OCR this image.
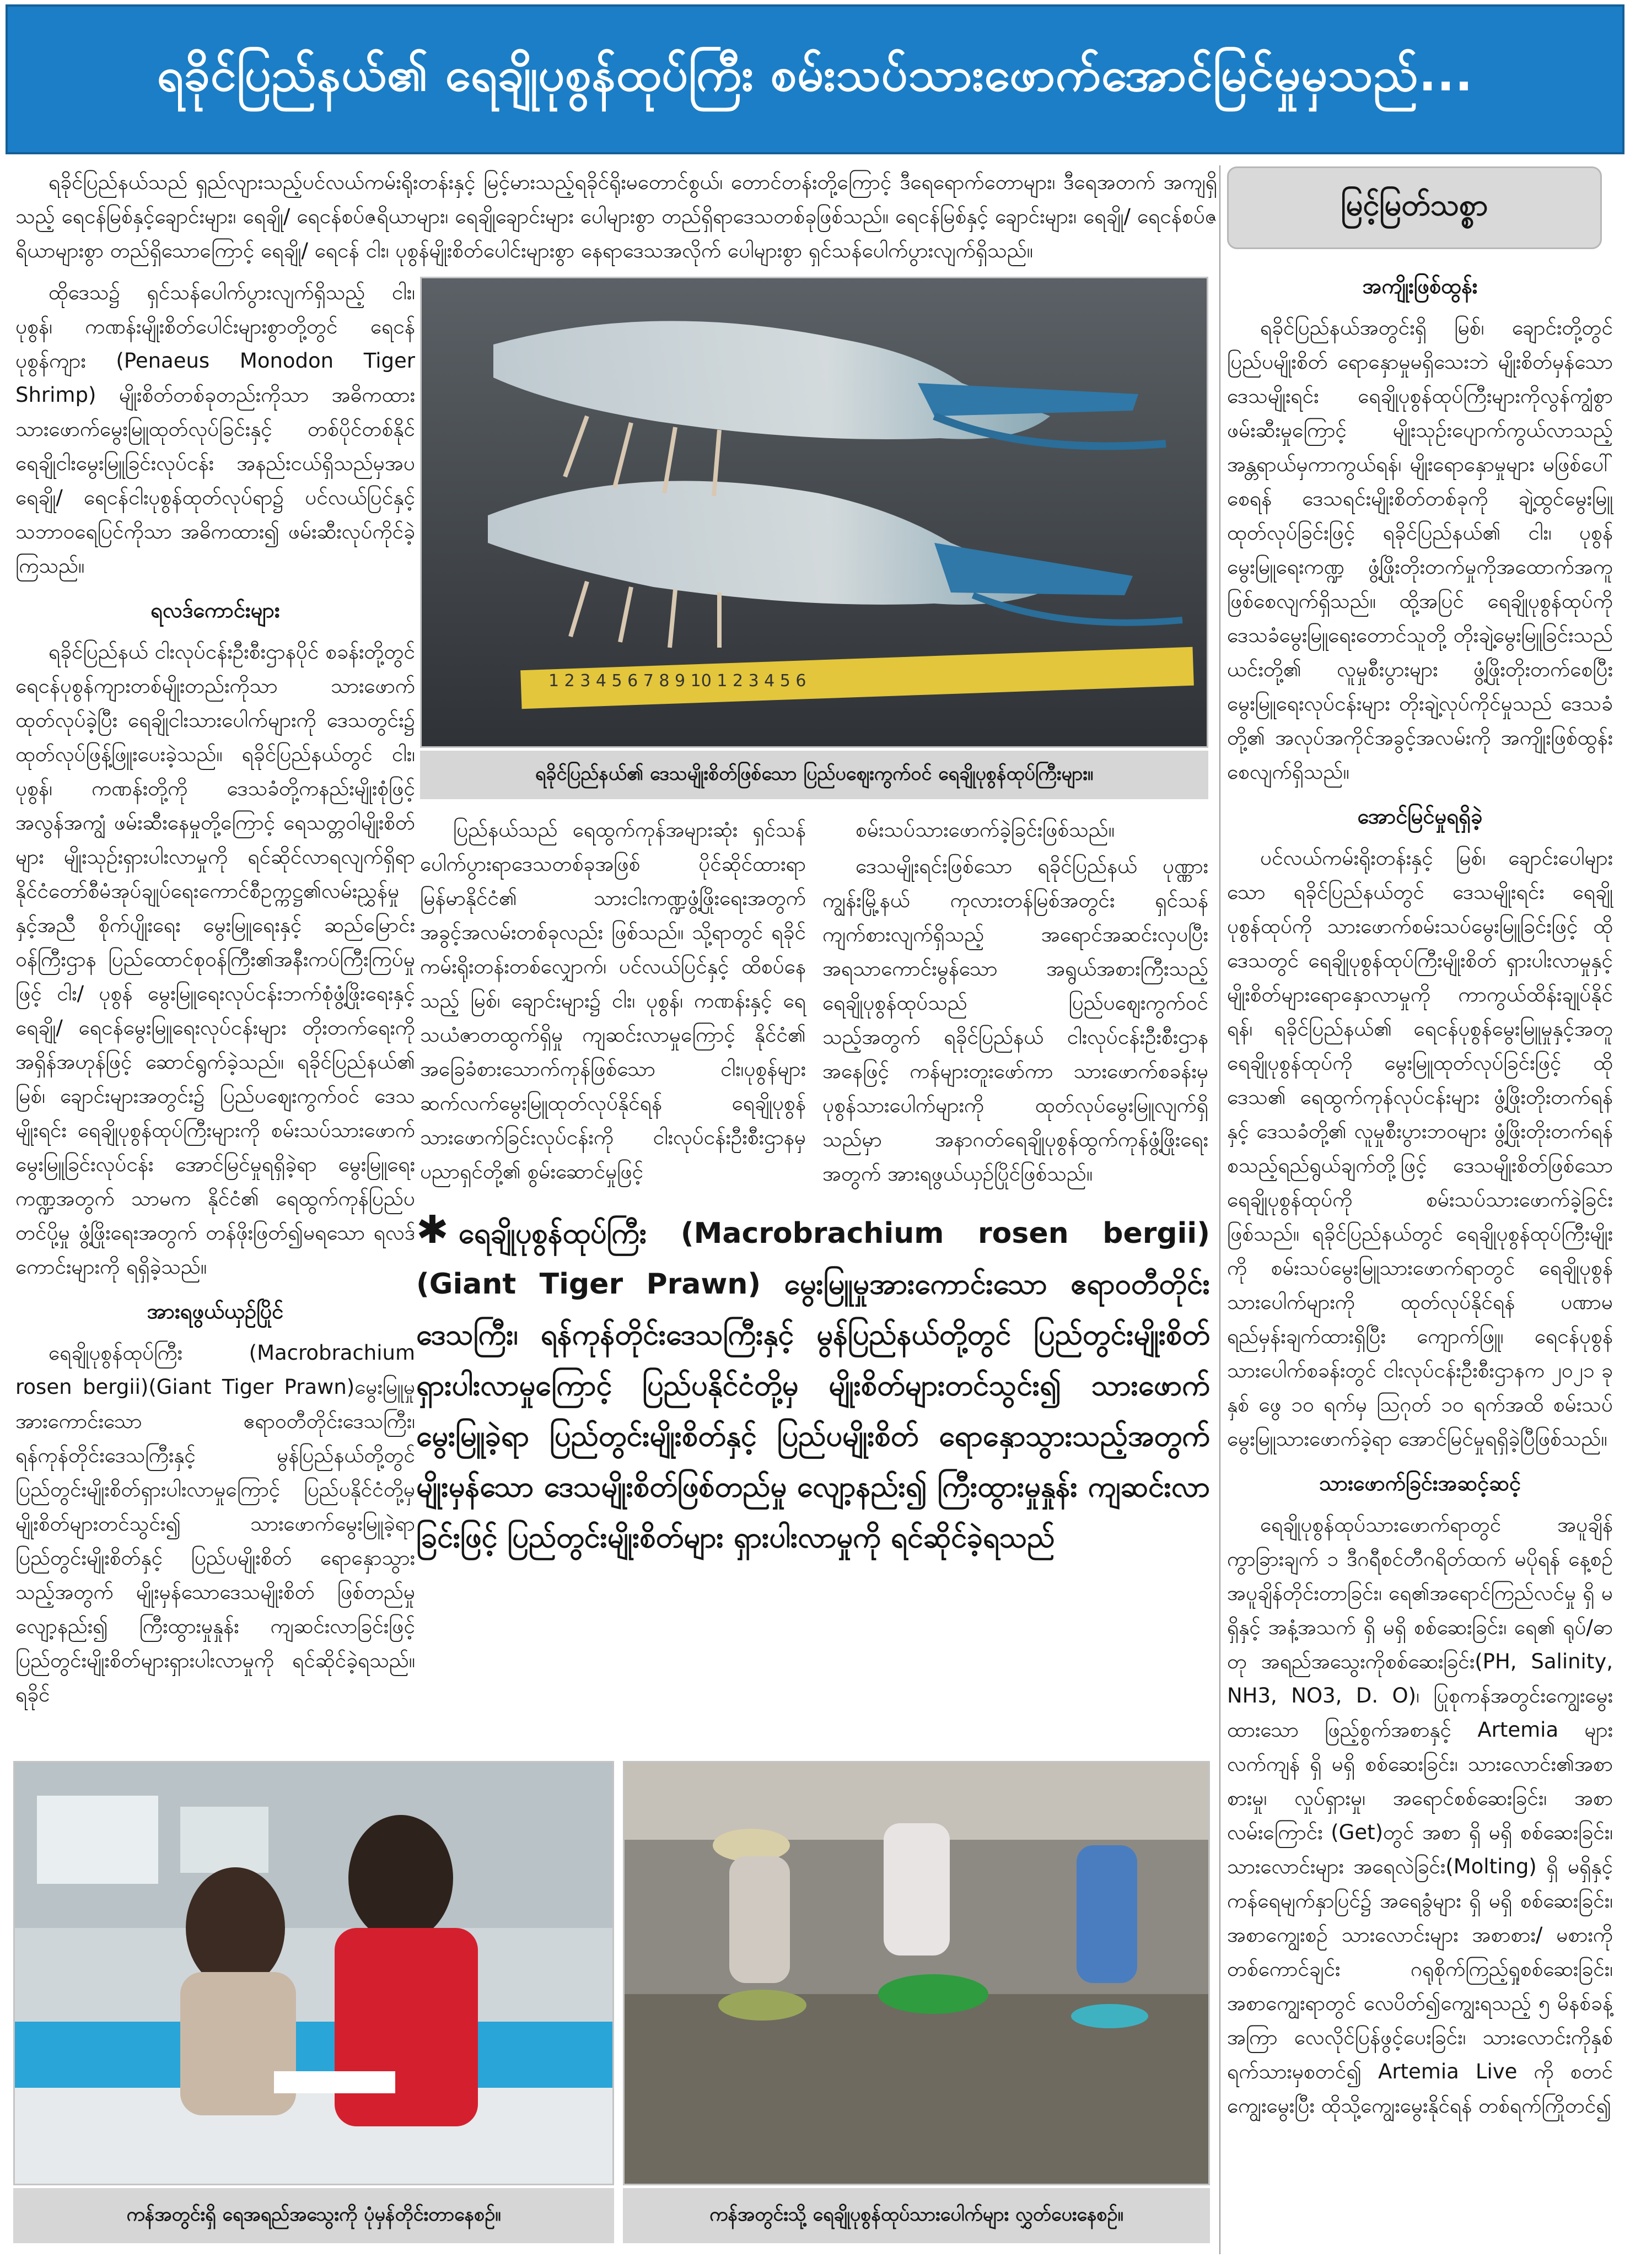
ရခိုင်ပြည်နယ်၏ ရေချိုပုစွန်ထုပ်ကြီး စမ်းသပ်သားဖောက်အောင်မြင်မှုမှသည်...

ရခိုင်ပြည်နယ်သည် ရှည်လျားသည့်ပင်လယ်ကမ်းရိုးတန်းနှင့် မြင့်မားသည့်ရခိုင်ရိုးမတောင်စွယ်၊ တောင်တန်းတို့ကြောင့် ဒီရေရောက်တောများ၊ ဒီရေအတက် အကျရှိသည့် ရေငန်မြစ်နှင့်ချောင်းများ၊ ရေချို/ ရေငန်စပ်ဇရိယာများ၊ ရေချိုချောင်းများ ပေါများစွာ တည်ရှိရာဒေသတစ်ခုဖြစ်သည်။ ရေငန်မြစ်နှင့် ချောင်းများ၊ ရေချို/ ရေငန်စပ်ဇရိယာများစွာ တည်ရှိသောကြောင့် ရေချို/ ရေငန် ငါး၊ ပုစွန်မျိုးစိတ်ပေါင်းများစွာ နေရာဒေသအလိုက် ပေါများစွာ ရှင်သန်ပေါက်ပွားလျက်ရှိသည်။

မြင့်မြတ်သစ္စာ

ထိုဒေသ၌ ရှင်သန်ပေါက်ပွားလျက်ရှိသည့် ငါး၊ ပုစွန်၊ ကဏန်းမျိုးစိတ်ပေါင်းများစွာတို့တွင် ရေငန်ပုစွန်ကျား (Penaeus Monodon Tiger Shrimp) မျိုးစိတ်တစ်ခုတည်းကိုသာ အဓိကထား သားဖောက်မွေးမြူထုတ်လုပ်ခြင်းနှင့် တစ်ပိုင်တစ်နိုင် ရေချိုငါးမွေးမြူခြင်းလုပ်ငန်း အနည်းငယ်ရှိသည်မှအပ ရေချို/ ရေငန်ငါးပုစွန်ထုတ်လုပ်ရာ၌ ပင်လယ်ပြင်နှင့်သဘာဝရေပြင်ကိုသာ အဓိကထား၍ ဖမ်းဆီးလုပ်ကိုင်ခဲ့ကြသည်။

ရလဒ်ကောင်းများ

ရခိုင်ပြည်နယ် ငါးလုပ်ငန်းဦးစီးဌာနပိုင် စခန်းတို့တွင် ရေငန်ပုစွန်ကျားတစ်မျိုးတည်းကိုသာ သားဖောက်ထုတ်လုပ်ခဲ့ပြီး ရေချိုငါးသားပေါက်များကို ဒေသတွင်း၌ ထုတ်လုပ်ဖြန့်ဖြူးပေးခဲ့သည်။ ရခိုင်ပြည်နယ်တွင် ငါး၊ ပုစွန်၊ ကဏန်းတို့ကို ဒေသခံတို့ကနည်းမျိုးစုံဖြင့် အလွန်အကျွံ ဖမ်းဆီးနေမှုတို့ကြောင့် ရေသတ္တဝါမျိုးစိတ်များ မျိုးသုဉ်းရှားပါးလာမှုကို ရင်ဆိုင်လာရလျက်ရှိရာ နိုင်ငံတော်စီမံအုပ်ချုပ်ရေးကောင်စီဥက္ကဋ္ဌ၏လမ်းညွှန်မှုနှင့်အညီ စိုက်ပျိုးရေး မွေးမြူရေးနှင့် ဆည်မြောင်းဝန်ကြီးဌာန ပြည်ထောင်စုဝန်ကြီး၏အနီးကပ်ကြီးကြပ်မှုဖြင့် ငါး/ ပုစွန် မွေးမြူရေးလုပ်ငန်းဘက်စုံဖွံ့ဖြိုးရေးနှင့် ရေချို/ ရေငန်မွေးမြူရေးလုပ်ငန်းများ တိုးတက်ရေးကို အရှိန်အဟုန်ဖြင့် ဆောင်ရွက်ခဲ့သည်။ ရခိုင်ပြည်နယ်၏ မြစ်၊ ချောင်းများအတွင်း၌ ပြည်ပဈေးကွက်ဝင် ဒေသမျိုးရင်း ရေချိုပုစွန်ထုပ်ကြီးများကို စမ်းသပ်သားဖောက်မွေးမြူခြင်းလုပ်ငန်း အောင်မြင်မှုရရှိခဲ့ရာ မွေးမြူရေးကဏ္ဍအတွက် သာမက နိုင်ငံ၏ ရေထွက်ကုန်ပြည်ပတင်ပို့မှု ဖွံ့ဖြိုးရေးအတွက် တန်ဖိုးဖြတ်၍မရသော ရလဒ်ကောင်းများကို ရရှိခဲ့သည်။

အားရဖွယ်ယှဉ်ပြိုင်

ရေချိုပုစွန်ထုပ်ကြီး (Macrobrachium rosen bergii)(Giant Tiger Prawn)မွေးမြူမှုအားကောင်းသော ဧရာဝတီတိုင်းဒေသကြီး၊ ရန်ကုန်တိုင်းဒေသကြီးနှင့် မွန်ပြည်နယ်တို့တွင် ပြည်တွင်းမျိုးစိတ်ရှားပါးလာမှုကြောင့် ပြည်ပနိုင်ငံတို့မှ မျိုးစိတ်များတင်သွင်း၍ သားဖောက်မွေးမြူခဲ့ရာ ပြည်တွင်းမျိုးစိတ်နှင့် ပြည်ပမျိုးစိတ် ရောနှောသွားသည့်အတွက် မျိုးမှန်သောဒေသမျိုးစိတ် ဖြစ်တည်မှုလျော့နည်း၍ ကြီးထွားမှုနှုန်း ကျဆင်းလာခြင်းဖြင့် ပြည်တွင်းမျိုးစိတ်များရှားပါးလာမှုကို ရင်ဆိုင်ခဲ့ရသည်။ ရခိုင်

1 2 3 4 5 6 7 8 9 10 1 2 3 4 5 6
ရခိုင်ပြည်နယ်၏ ဒေသမျိုးစိတ်ဖြစ်သော ပြည်ပဈေးကွက်ဝင် ရေချိုပုစွန်ထုပ်ကြီးများ။

ပြည်နယ်သည် ရေထွက်ကုန်အများဆုံး ရှင်သန်ပေါက်ပွားရာဒေသတစ်ခုအဖြစ် ပိုင်ဆိုင်ထားရာ မြန်မာနိုင်ငံ၏ သားငါးကဏ္ဍဖွံ့ဖြိုးရေးအတွက် အခွင့်အလမ်းတစ်ခုလည်း ဖြစ်သည်။ သို့ရာတွင် ရခိုင်ကမ်းရိုးတန်းတစ်လျှောက်၊ ပင်လယ်ပြင်နှင့် ထိစပ်နေသည့် မြစ်၊ ချောင်းများ၌ ငါး၊ ပုစွန်၊ ကဏန်းနှင့် ရေသယံဇာတထွက်ရှိမှု ကျဆင်းလာမှုကြောင့် နိုင်ငံ၏ အခြေခံစားသောက်ကုန်ဖြစ်သော ငါး၊ပုစွန်များ ဆက်လက်မွေးမြူထုတ်လုပ်နိုင်ရန် ရေချိုပုစွန်သားဖောက်ခြင်းလုပ်ငန်းကို ငါးလုပ်ငန်းဦးစီးဌာနမှ ပညာရှင်တို့၏ စွမ်းဆောင်မှုဖြင့်

စမ်းသပ်သားဖောက်ခဲ့ခြင်းဖြစ်သည်။

ဒေသမျိုးရင်းဖြစ်သော ရခိုင်ပြည်နယ် ပုဏ္ဏားကျွန်းမြို့နယ် ကုလားတန်မြစ်အတွင်း ရှင်သန်ကျက်စားလျက်ရှိသည့် အရောင်အဆင်းလှပပြီး အရသာကောင်းမွန်သော အရွယ်အစားကြီးသည့် ရေချိုပုစွန်ထုပ်သည် ပြည်ပဈေးကွက်ဝင်သည့်အတွက် ရခိုင်ပြည်နယ် ငါးလုပ်ငန်းဦးစီးဌာနအနေဖြင့် ကန်များတူးဖော်ကာ သားဖောက်စခန်းမှ ပုစွန်သားပေါက်များကို ထုတ်လုပ်မွေးမြူလျက်ရှိသည်မှာ အနာဂတ်ရေချိုပုစွန်ထွက်ကုန်ဖွံ့ဖြိုးရေးအတွက် အားရဖွယ်ယှဉ်ပြိုင်ဖြစ်သည်။

✱ ရေချိုပုစွန်ထုပ်ကြီး (Macrobrachium rosen bergii) (Giant Tiger Prawn) မွေးမြူမှုအားကောင်းသော ဧရာဝတီတိုင်းဒေသကြီး၊ ရန်ကုန်တိုင်းဒေသကြီးနှင့် မွန်ပြည်နယ်တို့တွင် ပြည်တွင်းမျိုးစိတ် ရှားပါးလာမှုကြောင့် ပြည်ပနိုင်ငံတို့မှ မျိုးစိတ်များတင်သွင်း၍ သားဖောက်မွေးမြူခဲ့ရာ ပြည်တွင်းမျိုးစိတ်နှင့် ပြည်ပမျိုးစိတ် ရောနှောသွားသည့်အတွက် မျိုးမှန်သော ဒေသမျိုးစိတ်ဖြစ်တည်မှု လျော့နည်း၍ ကြီးထွားမှုနှုန်း ကျဆင်းလာခြင်းဖြင့် ပြည်တွင်းမျိုးစိတ်များ ရှားပါးလာမှုကို ရင်ဆိုင်ခဲ့ရသည်
အကျိုးဖြစ်ထွန်း

ရခိုင်ပြည်နယ်အတွင်းရှိ မြစ်၊ ချောင်းတို့တွင် ပြည်ပမျိုးစိတ် ရောနှောမှုမရှိသေးဘဲ မျိုးစိတ်မှန်သော ဒေသမျိုးရင်း ရေချိုပုစွန်ထုပ်ကြီးများကိုလွန်ကျွံစွာဖမ်းဆီးမှုကြောင့် မျိုးသုဉ်းပျောက်ကွယ်လာသည့် အန္တရာယ်မှကာကွယ်ရန်၊ မျိုးရောနှောမှုများ မဖြစ်ပေါ်စေရန် ဒေသရင်းမျိုးစိတ်တစ်ခုကို ချဲ့ထွင်မွေးမြူထုတ်လုပ်ခြင်းဖြင့် ရခိုင်ပြည်နယ်၏ ငါး၊ ပုစွန်မွေးမြူရေးကဏ္ဍ ဖွံ့ဖြိုးတိုးတက်မှုကိုအထောက်အကူဖြစ်စေလျက်ရှိသည်။ ထို့အပြင် ရေချိုပုစွန်ထုပ်ကို ဒေသခံမွေးမြူရေးတောင်သူတို့ တိုးချဲ့မွေးမြူခြင်းသည် ယင်းတို့၏ လူမှုစီးပွားများ ဖွံ့ဖြိုးတိုးတက်စေပြီး မွေးမြူရေးလုပ်ငန်းများ တိုးချဲ့လုပ်ကိုင်မှုသည် ဒေသခံတို့၏ အလုပ်အကိုင်အခွင့်အလမ်းကို အကျိုးဖြစ်ထွန်းစေလျက်ရှိသည်။

အောင်မြင်မှုရရှိခဲ့

ပင်လယ်ကမ်းရိုးတန်းနှင့် မြစ်၊ ချောင်းပေါများသော ရခိုင်ပြည်နယ်တွင် ဒေသမျိုးရင်း ရေချိုပုစွန်ထုပ်ကို သားဖောက်စမ်းသပ်မွေးမြူခြင်းဖြင့် ထိုဒေသတွင် ရေချိုပုစွန်ထုပ်ကြီးမျိုးစိတ် ရှားပါးလာမှုနှင့် မျိုးစိတ်များရောနှောလာမှုကို ကာကွယ်ထိန်းချုပ်နိုင်ရန်၊ ရခိုင်ပြည်နယ်၏ ရေငန်ပုစွန်မွေးမြူမှုနှင့်အတူ ရေချိုပုစွန်ထုပ်ကို မွေးမြူထုတ်လုပ်ခြင်းဖြင့် ထိုဒေသ၏ ရေထွက်ကုန်လုပ်ငန်းများ ဖွံ့ဖြိုးတိုးတက်ရန်နှင့် ဒေသခံတို့၏ လူမှုစီးပွားဘဝများ ဖွံ့ဖြိုးတိုးတက်ရန် စသည့်ရည်ရွယ်ချက်တို့ဖြင့် ဒေသမျိုးစိတ်ဖြစ်သော ရေချိုပုစွန်ထုပ်ကို စမ်းသပ်သားဖောက်ခဲ့ခြင်းဖြစ်သည်။ ရခိုင်ပြည်နယ်တွင် ရေချိုပုစွန်ထုပ်ကြီးမျိုးကို စမ်းသပ်မွေးမြူသားဖောက်ရာတွင် ရေချိုပုစွန်သားပေါက်များကို ထုတ်လုပ်နိုင်ရန် ပဏာမရည်မှန်းချက်ထားရှိပြီး ကျောက်ဖြူ၊ ရေငန်ပုစွန်သားပေါက်စခန်းတွင် ငါးလုပ်ငန်းဦးစီးဌာနက ၂၀၂၁ ခုနှစ် ဖွေ ၁၀ ရက်မှ ဩဂုတ် ၁၀ ရက်အထိ စမ်းသပ်မွေးမြူသားဖောက်ခဲ့ရာ အောင်မြင်မှုရရှိခဲ့ပြီဖြစ်သည်။

သားဖောက်ခြင်းအဆင့်ဆင့်

ရေချိုပုစွန်ထုပ်သားဖောက်ရာတွင် အပူချိန်ကွာခြားချက် ၁ ဒီဂရီစင်တီဂရိတ်ထက် မပိုရန် နေ့စဉ်အပူချိန်တိုင်းတာခြင်း၊ ရေ၏အရောင်ကြည်လင်မှု ရှိ မရှိနှင့် အနံ့အသက် ရှိ မရှိ စစ်ဆေးခြင်း၊ ရေ၏ ရုပ်/ဓာတု အရည်အသွေးကိုစစ်ဆေးခြင်း(PH, Salinity, NH3, NO3, D. O)၊ ပြုစုကန်အတွင်းကျွေးမွေးထားသော ဖြည့်စွက်အစာနှင့် Artemia များ လက်ကျန် ရှိ မရှိ စစ်ဆေးခြင်း၊ သားလောင်း၏အစာစားမှု၊ လှုပ်ရှားမှု၊ အရောင်စစ်ဆေးခြင်း၊ အစာလမ်းကြောင်း (Get)တွင် အစာ ရှိ မရှိ စစ်ဆေးခြင်း၊ သားလောင်းများ အရေလဲခြင်း(Molting) ရှိ မရှိနှင့် ကန်ရေမျက်နှာပြင်၌ အရေခွံများ ရှိ မရှိ စစ်ဆေးခြင်း၊ အစာကျွေးစဉ် သားလောင်းများ အစာစား/ မစားကို တစ်ကောင်ချင်း ဂရုစိုက်ကြည့်ရှုစစ်ဆေးခြင်း၊ အစာကျွေးရာတွင် လေပိတ်၍ကျွေးရသည့် ၅ မိနစ်ခန့်အကြာ လေလိုင်ပြန်ဖွင့်ပေးခြင်း၊ သားလောင်းကိုနှစ်ရက်သားမှစတင်၍ Artemia Live ကို စတင်ကျွေးမွေးပြီး ထိုသို့ကျွေးမွေးနိုင်ရန် တစ်ရက်ကြိုတင်၍

ကန်အတွင်းရှိ ရေအရည်အသွေးကို ပုံမှန်တိုင်းတာနေစဉ်။	ကန်အတွင်းသို့ ရေချိုပုစွန်ထုပ်သားပေါက်များ လွှတ်ပေးနေစဉ်။
